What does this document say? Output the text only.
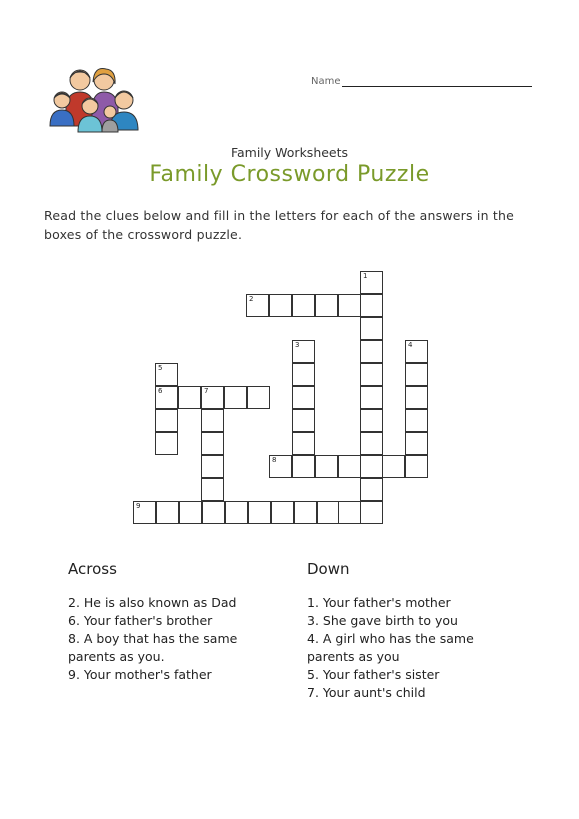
Name
Family Worksheets
Family Crossword Puzzle
Read the clues below and fill in the letters for each of the answers in the boxes of the crossword puzzle.
1
2
3	4
5
6	7
8
9
Across
2. He is also known as Dad
6. Your father's brother
8. A boy that has the same parents as you.
9. Your mother's father
Down
1. Your father's mother
3. She gave birth to you
4. A girl who has the same parents as you
5. Your father's sister
7. Your aunt's child
